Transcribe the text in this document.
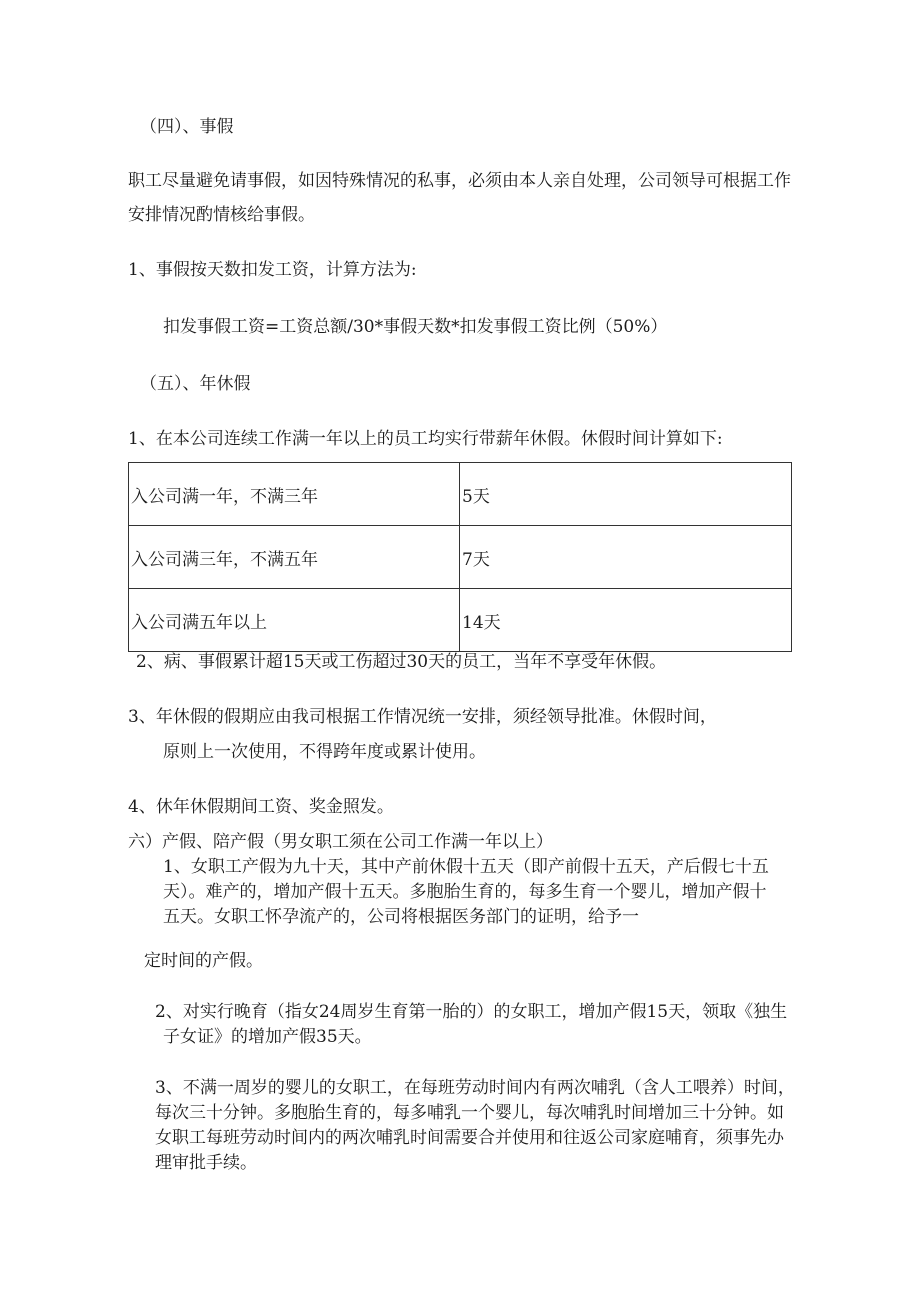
（四）、事假

职工尽量避免请事假，如因特殊情况的私事，必须由本人亲自处理，公司领导可根据工作

安排情况酌情核给事假。

1、事假按天数扣发工资，计算方法为:

扣发事假工资=工资总额/30*事假天数*扣发事假工资比例（50%）

（五）、年休假

1、在本公司连续工作满一年以上的员工均实行带薪年休假。休假时间计算如下:

入公司满一年，不满三年	5天
入公司满三年，不满五年	7天
入公司满五年以上	14天

2、病、事假累计超15天或工伤超过30天的员工，当年不享受年休假。

3、年休假的假期应由我司根据工作情况统一安排，须经领导批准。休假时间，

原则上一次使用，不得跨年度或累计使用。

4、休年休假期间工资、奖金照发。

六）产假、陪产假（男女职工须在公司工作满一年以上）

1、女职工产假为九十天，其中产前休假十五天（即产前假十五天，产后假七十五

天）。难产的，增加产假十五天。多胞胎生育的，每多生育一个婴儿，增加产假十

五天。女职工怀孕流产的，公司将根据医务部门的证明，给予一

定时间的产假。

2、对实行晚育（指女24周岁生育第一胎的）的女职工，增加产假15天，领取《独生

子女证》的增加产假35天。

3、不满一周岁的婴儿的女职工，在每班劳动时间内有两次哺乳（含人工喂养）时间，

每次三十分钟。多胞胎生育的，每多哺乳一个婴儿，每次哺乳时间增加三十分钟。如

女职工每班劳动时间内的两次哺乳时间需要合并使用和往返公司家庭哺育，须事先办

理审批手续。
